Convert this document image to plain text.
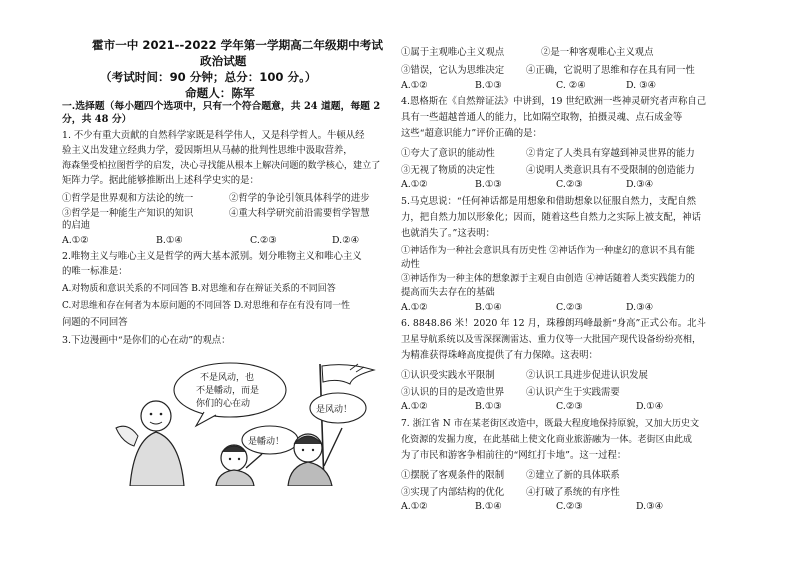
霍市一中 2021--2022 学年第一学期高二年级期中考试
政治试题
（考试时间：90 分钟；总分：100 分。）
命题人：陈军
一.选择题（每小题四个选项中，只有一个符合题意，共 24 道题，每题 2
分，共 48 分）
1. 不少有重大贡献的自然科学家既是科学伟人，又是科学哲人。牛顿从经
验主义出发建立经典力学，爱因斯坦从马赫的批判性思维中汲取营养，
海森堡受柏拉图哲学的启发，决心寻找能从根本上解决问题的数学核心，建立了
矩阵力学。据此能够推断出上述科学史实的是：
①哲学是世界观和方法论的统一	②哲学的争论引领具体科学的进步
③哲学是一种能生产知识的知识	④重大科学研究前沿需要哲学智慧
的启迪
A.①②	B.①④	C.②③	D.②④
2.唯物主义与唯心主义是哲学的两大基本派别。划分唯物主义和唯心主义
的唯一标准是：
A.对物质和意识关系的不同回答 B.对思维和存在辩证关系的不同回答
C.对思维和存在何者为本原问题的不同回答 D.对思维和存在有没有同一性
问题的不同回答
3.下边漫画中“是你们的心在动”的观点：
不是风动，也
不是幡动，而是
你们的心在动
是幡动！
是风动！
①属于主观唯心主义观点	②是一种客观唯心主义观点
③错误，它认为思维决定 ④正确，它说明了思维和存在具有同一性
A.①②	B.①③	C. ②④	D. ③④
4.恩格斯在《自然辩证法》中讲到，19 世纪欧洲一些神灵研究者声称自己
具有一些超越普通人的能力，比如隔空取物，拍摄灵魂、点石成金等
这些“超意识能力”评价正确的是：
①夸大了意识的能动性	②肯定了人类具有穿越到神灵世界的能力
③无视了物质的决定性	④说明人类意识具有不受限制的创造能力
A.①②	B.①③	C.②③	D.③④
5.马克思说：“任何神话都是用想象和借助想象以征服自然力，支配自然
力，把自然力加以形象化；因而，随着这些自然力之实际上被支配，神话
也就消失了。”这表明：
①神话作为一种社会意识具有历史性 ②神话作为一种虚幻的意识不具有能
动性
③神话作为一种主体的想象源于主观自由创造 ④神话随着人类实践能力的
提高而失去存在的基础
A.①②	B.①④	C.②③	D.③④
6. 8848.86 米！2020 年 12 月，珠穆朗玛峰最新“身高”正式公布。北斗
卫星导航系统以及雪深探测雷达、重力仪等一大批国产现代设备纷纷亮相，
为精准获得珠峰高度提供了有力保障。这表明：
①认识受实践水平限制	②认识工具进步促进认识发展
③认识的目的是改造世界 ④认识产生于实践需要
A.①②	B.①③	C.②③	D.①④
7. 浙江省 N 市在某老街区改造中，既最大程度地保持原貌，又加大历史文
化资源的发掘力度，在此基础上使文化商业旅游融为一体。老街区由此成
为了市民和游客争相前往的“网红打卡地”。这一过程：
①摆脱了客观条件的限制 ②建立了新的具体联系
③实现了内部结构的优化 ④打破了系统的有序性
A.①②	B.①④	C.②③	D.③④
